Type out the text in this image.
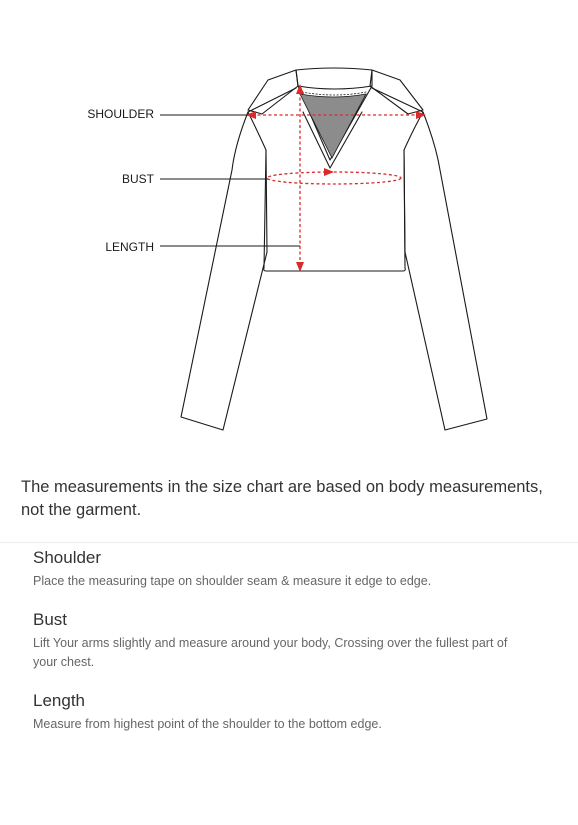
SHOULDER
BUST
LENGTH

The measurements in the size chart are based on body measurements, not the garment.

Shoulder

Place the measuring tape on shoulder seam & measure it edge to edge.

Bust

Lift Your arms slightly and measure around your body, Crossing over the fullest part of your chest.

Length

Measure from highest point of the shoulder to the bottom edge.
